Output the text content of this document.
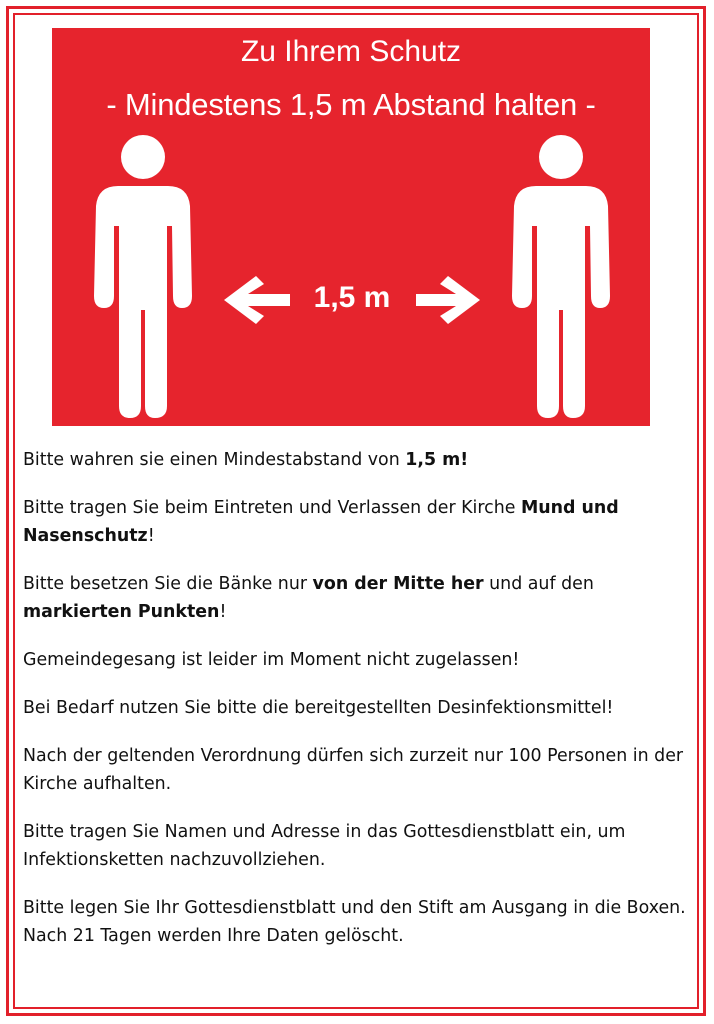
Zu Ihrem Schutz
- Mindestens 1,5 m Abstand halten -
1,5 m

Bitte wahren sie einen Mindestabstand von 1,5 m!

Bitte tragen Sie beim Eintreten und Verlassen der Kirche Mund und Nasenschutz!

Bitte besetzen Sie die Bänke nur von der Mitte her und auf den markierten Punkten!

Gemeindegesang ist leider im Moment nicht zugelassen!

Bei Bedarf nutzen Sie bitte die bereitgestellten Desinfektionsmittel!

Nach der geltenden Verordnung dürfen sich zurzeit nur 100 Personen in der Kirche aufhalten.

Bitte tragen Sie Namen und Adresse in das Gottesdienstblatt ein, um Infektionsketten nachzuvollziehen.

Bitte legen Sie Ihr Gottesdienstblatt und den Stift am Ausgang in die Boxen.
Nach 21 Tagen werden Ihre Daten gelöscht.
